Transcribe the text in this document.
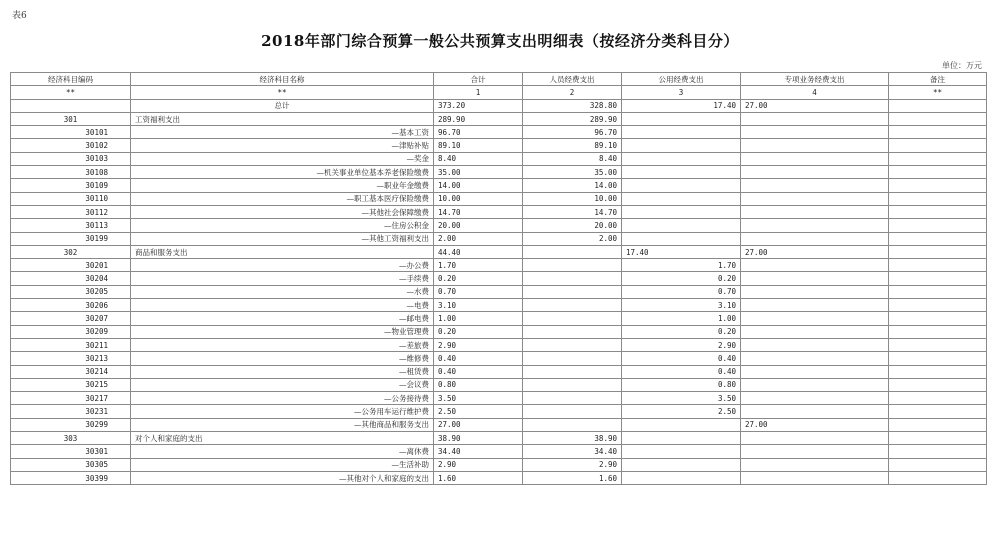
表6
2018年部门综合预算一般公共预算支出明细表（按经济分类科目分）
单位：万元
经济科目编码	经济科目名称	合计	人员经费支出	公用经费支出	专项业务经费支出	备注
**	**	1	2	3	4	**
	总计	373.20	328.80	17.40	27.00	
301	工资福利支出	289.90	289.90			
30101	—基本工资	96.70	96.70			
30102	—津贴补贴	89.10	89.10			
30103	—奖金	8.40	8.40			
30108	—机关事业单位基本养老保险缴费	35.00	35.00			
30109	—职业年金缴费	14.00	14.00			
30110	—职工基本医疗保险缴费	10.00	10.00			
30112	—其他社会保障缴费	14.70	14.70			
30113	—住房公积金	20.00	20.00			
30199	—其他工资福利支出	2.00	2.00			
302	商品和服务支出	44.40		17.40	27.00	
30201	—办公费	1.70		1.70		
30204	—手续费	0.20		0.20		
30205	—水费	0.70		0.70		
30206	—电费	3.10		3.10		
30207	—邮电费	1.00		1.00		
30209	—物业管理费	0.20		0.20		
30211	—差旅费	2.90		2.90		
30213	—维修费	0.40		0.40		
30214	—租赁费	0.40		0.40		
30215	—会议费	0.80		0.80		
30217	—公务接待费	3.50		3.50		
30231	—公务用车运行维护费	2.50		2.50		
30299	—其他商品和服务支出	27.00			27.00	
303	对个人和家庭的支出	38.90	38.90			
30301	—离休费	34.40	34.40			
30305	—生活补助	2.90	2.90			
30399	—其他对个人和家庭的支出	1.60	1.60			
